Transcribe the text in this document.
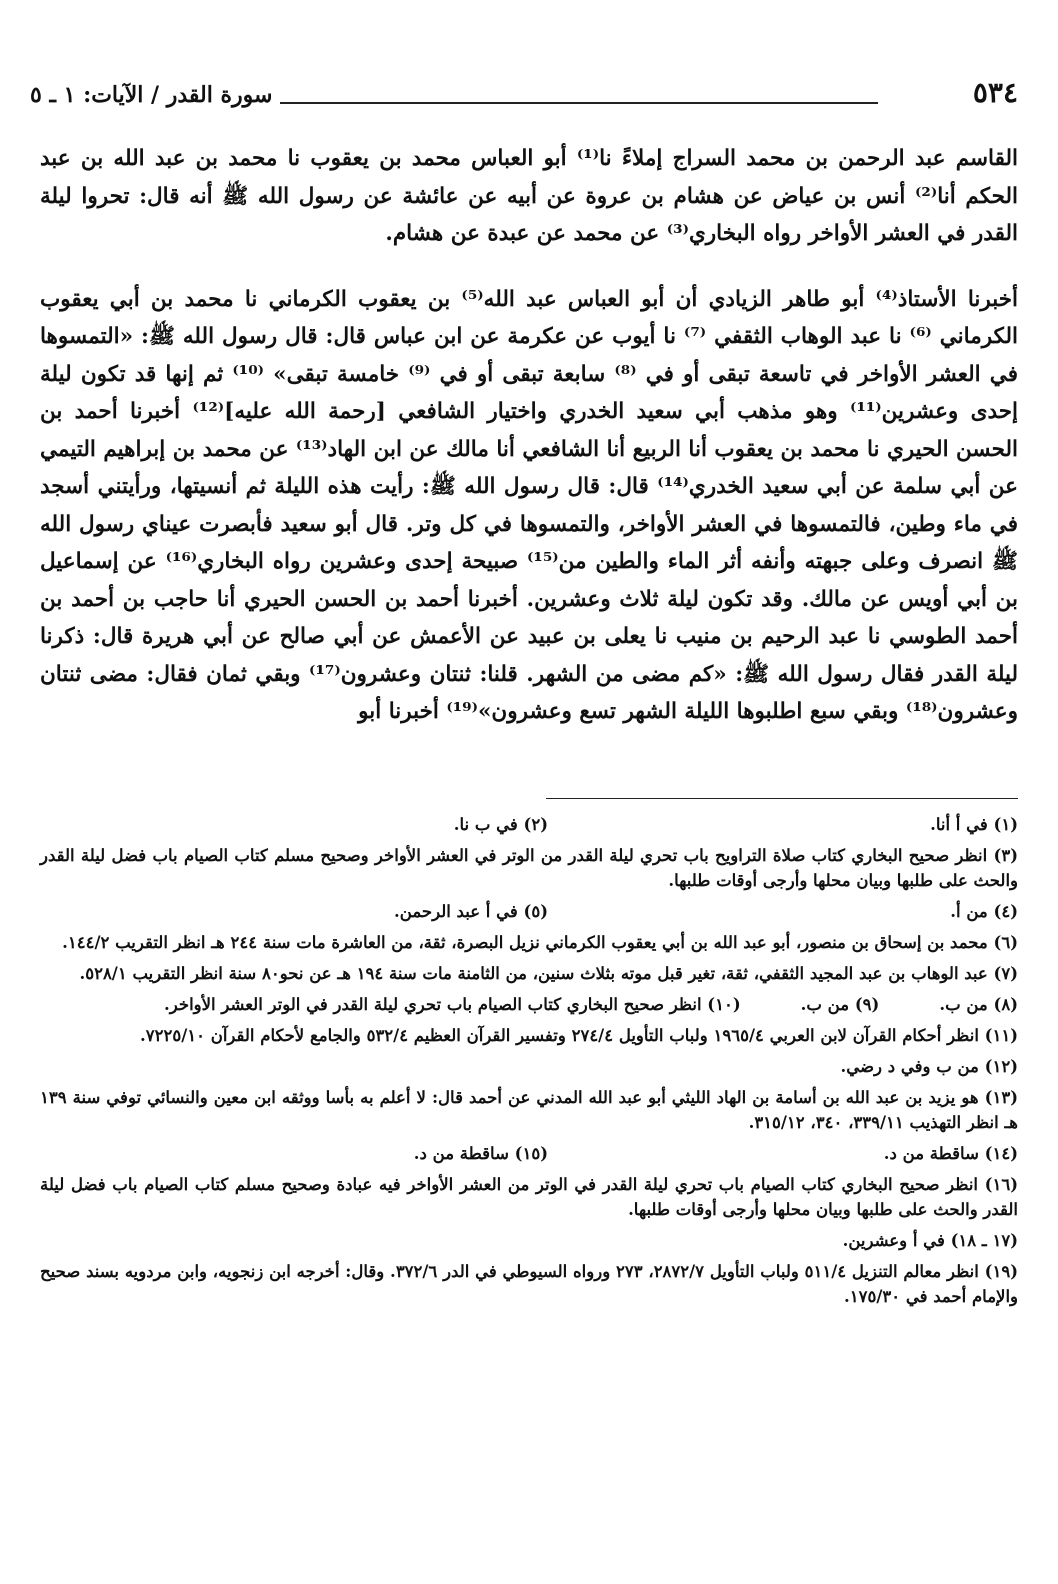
٥٣٤
سورة القدر / الآيات: ١ ـ ٥

القاسم عبد الرحمن بن محمد السراج إملاءً نا⁽¹⁾ أبو العباس محمد بن يعقوب نا محمد بن عبد الله بن عبد الحكم أنا⁽²⁾ أنس بن عياض عن هشام بن عروة عن أبيه عن عائشة عن رسول الله ﷺ أنه قال: تحروا ليلة القدر في العشر الأواخر رواه البخاري⁽³⁾ عن محمد عن عبدة عن هشام.

أخبرنا الأستاذ⁽⁴⁾ أبو طاهر الزيادي أن أبو العباس عبد الله⁽⁵⁾ بن يعقوب الكرماني نا محمد بن أبي يعقوب الكرماني ⁽⁶⁾ نا عبد الوهاب الثقفي ⁽⁷⁾ نا أيوب عن عكرمة عن ابن عباس قال: قال رسول الله ﷺ: «التمسوها في العشر الأواخر في تاسعة تبقى أو في ⁽⁸⁾ سابعة تبقى أو في ⁽⁹⁾ خامسة تبقى» ⁽¹⁰⁾ ثم إنها قد تكون ليلة إحدى وعشرين⁽¹¹⁾ وهو مذهب أبي سعيد الخدري واختيار الشافعي [رحمة الله عليه]⁽¹²⁾ أخبرنا أحمد بن الحسن الحيري نا محمد بن يعقوب أنا الربيع أنا الشافعي أنا مالك عن ابن الهاد⁽¹³⁾ عن محمد بن إبراهيم التيمي عن أبي سلمة عن أبي سعيد الخدري⁽¹⁴⁾ قال: قال رسول الله ﷺ: رأيت هذه الليلة ثم أنسيتها، ورأيتني أسجد في ماء وطين، فالتمسوها في العشر الأواخر، والتمسوها في كل وتر. قال أبو سعيد فأبصرت عيناي رسول الله ﷺ انصرف وعلى جبهته وأنفه أثر الماء والطين من⁽¹⁵⁾ صبيحة إحدى وعشرين رواه البخاري⁽¹⁶⁾ عن إسماعيل بن أبي أويس عن مالك. وقد تكون ليلة ثلاث وعشرين. أخبرنا أحمد بن الحسن الحيري أنا حاجب بن أحمد بن أحمد الطوسي نا عبد الرحيم بن منيب نا يعلى بن عبيد عن الأعمش عن أبي صالح عن أبي هريرة قال: ذكرنا ليلة القدر فقال رسول الله ﷺ: «كم مضى من الشهر. قلنا: ثنتان وعشرون⁽¹⁷⁾ وبقي ثمان فقال: مضى ثنتان وعشرون⁽¹⁸⁾ وبقي سبع اطلبوها الليلة الشهر تسع وعشرون»⁽¹⁹⁾ أخبرنا أبو

(١) في أ أنا.
(٢) في ب نا.

(٣) انظر صحيح البخاري كتاب صلاة التراويح باب تحري ليلة القدر من الوتر في العشر الأواخر وصحيح مسلم كتاب الصيام باب فضل ليلة القدر والحث على طلبها وبيان محلها وأرجى أوقات طلبها.

(٤) من أ.
(٥) في أ عبد الرحمن.

(٦) محمد بن إسحاق بن منصور، أبو عبد الله بن أبي يعقوب الكرماني نزيل البصرة، ثقة، من العاشرة مات سنة ٢٤٤ هـ انظر التقريب ١٤٤/٢.

(٧) عبد الوهاب بن عبد المجيد الثقفي، ثقة، تغير قبل موته بثلاث سنين، من الثامنة مات سنة ١٩٤ هـ عن نحو٨٠ سنة انظر التقريب ٥٢٨/١.

(٨) من ب.
(٩) من ب.
(١٠) انظر صحيح البخاري كتاب الصيام باب تحري ليلة القدر في الوتر العشر الأواخر.

(١١) انظر أحكام القرآن لابن العربي ١٩٦٥/٤ ولباب التأويل ٢٧٤/٤ وتفسير القرآن العظيم ٥٣٢/٤ والجامع لأحكام القرآن ٧٢٢٥/١٠.

(١٢) من ب وفي د رضي.

(١٣) هو يزيد بن عبد الله بن أسامة بن الهاد الليثي أبو عبد الله المدني عن أحمد قال: لا أعلم به بأسا ووثقه ابن معين والنسائي توفي سنة ١٣٩ هـ انظر التهذيب ٣٣٩/١١، ٣٤٠، ٣١٥/١٢.

(١٤) ساقطة من د.
(١٥) ساقطة من د.

(١٦) انظر صحيح البخاري كتاب الصيام باب تحري ليلة القدر في الوتر من العشر الأواخر فيه عبادة وصحيح مسلم كتاب الصيام باب فضل ليلة القدر والحث على طلبها وبيان محلها وأرجى أوقات طلبها.

(١٧ ـ ١٨) في أ وعشرين.

(١٩) انظر معالم التنزيل ٥١١/٤ ولباب التأويل ٢٨٧٢/٧، ٢٧٣ ورواه السيوطي في الدر ٣٧٢/٦. وقال: أخرجه ابن زنجويه، وابن مردويه بسند صحيح والإمام أحمد في ١٧٥/٣٠.
